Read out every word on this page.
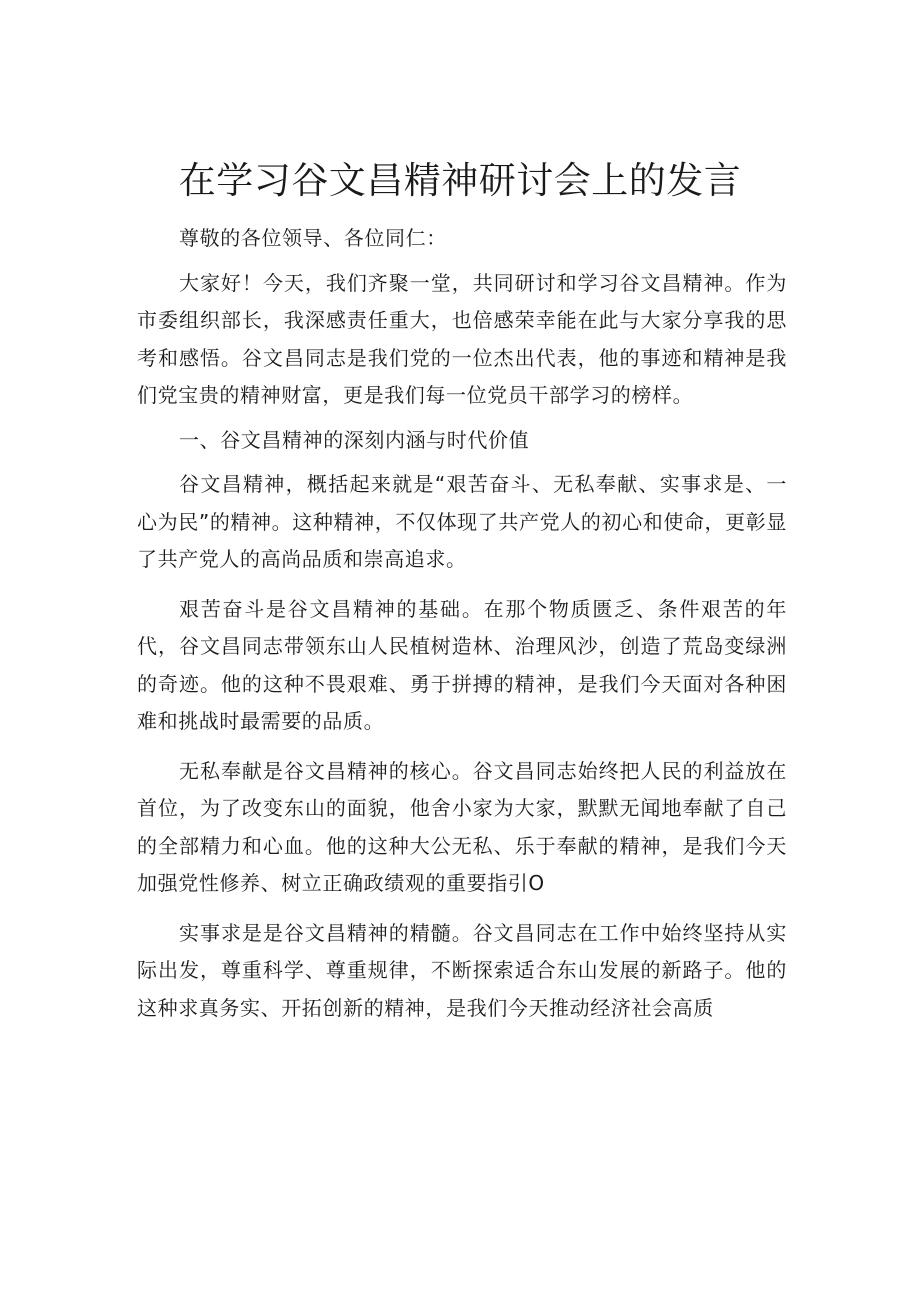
在学习谷文昌精神研讨会上的发言

尊敬的各位领导、各位同仁：

大家好！今天，我们齐聚一堂，共同研讨和学习谷文昌精神。作为市委组织部长，我深感责任重大，也倍感荣幸能在此与大家分享我的思考和感悟。谷文昌同志是我们党的一位杰出代表，他的事迹和精神是我们党宝贵的精神财富，更是我们每一位党员干部学习的榜样。

一、谷文昌精神的深刻内涵与时代价值

谷文昌精神，概括起来就是“艰苦奋斗、无私奉献、实事求是、一心为民”的精神。这种精神，不仅体现了共产党人的初心和使命，更彰显了共产党人的高尚品质和崇高追求。

艰苦奋斗是谷文昌精神的基础。在那个物质匮乏、条件艰苦的年代，谷文昌同志带领东山人民植树造林、治理风沙，创造了荒岛变绿洲的奇迹。他的这种不畏艰难、勇于拼搏的精神，是我们今天面对各种困难和挑战时最需要的品质。

无私奉献是谷文昌精神的核心。谷文昌同志始终把人民的利益放在首位，为了改变东山的面貌，他舍小家为大家，默默无闻地奉献了自己的全部精力和心血。他的这种大公无私、乐于奉献的精神，是我们今天加强党性修养、树立正确政绩观的重要指引O

实事求是是谷文昌精神的精髓。谷文昌同志在工作中始终坚持从实际出发，尊重科学、尊重规律，不断探索适合东山发展的新路子。他的这种求真务实、开拓创新的精神，是我们今天推动经济社会高质
